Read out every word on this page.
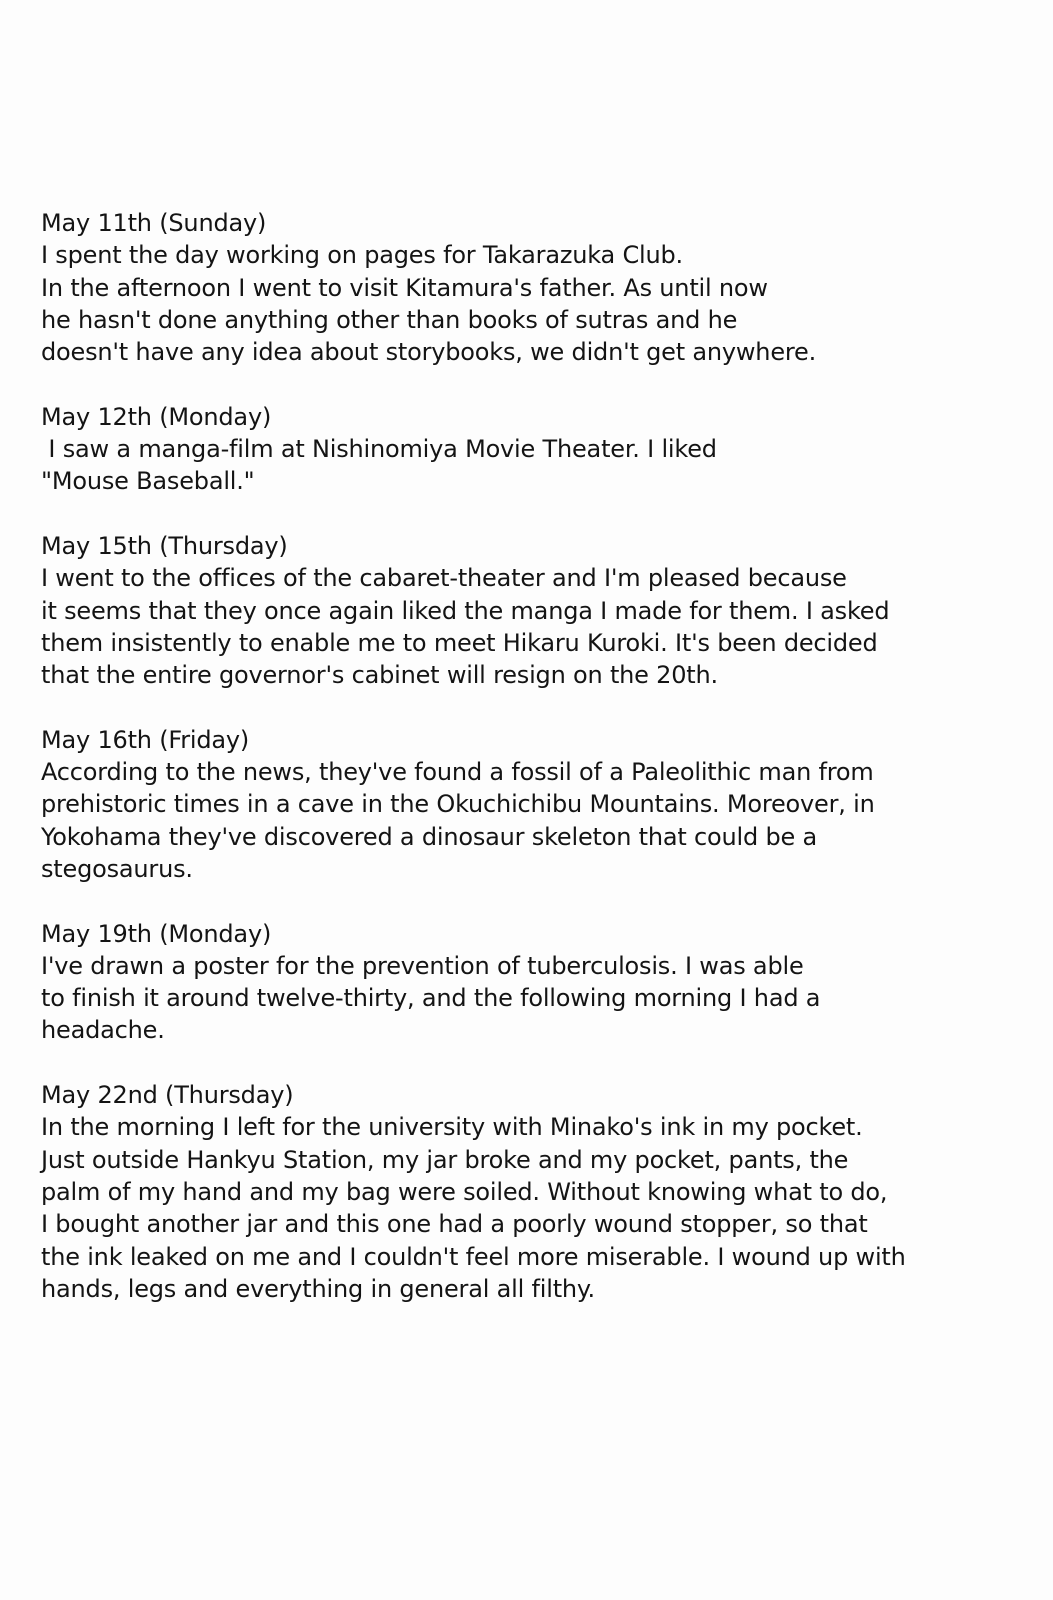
May 11th (Sunday)
I spent the day working on pages for Takarazuka Club.
In the afternoon I went to visit Kitamura's father. As until now
he hasn't done anything other than books of sutras and he
doesn't have any idea about storybooks, we didn't get anywhere.
May 12th (Monday)
I saw a manga-film at Nishinomiya Movie Theater. I liked
"Mouse Baseball."
May 15th (Thursday)
I went to the offices of the cabaret-theater and I'm pleased because
it seems that they once again liked the manga I made for them. I asked
them insistently to enable me to meet Hikaru Kuroki. It's been decided
that the entire governor's cabinet will resign on the 20th.
May 16th (Friday)
According to the news, they've found a fossil of a Paleolithic man from
prehistoric times in a cave in the Okuchichibu Mountains. Moreover, in
Yokohama they've discovered a dinosaur skeleton that could be a
stegosaurus.
May 19th (Monday)
I've drawn a poster for the prevention of tuberculosis. I was able
to finish it around twelve-thirty, and the following morning I had a
headache.
May 22nd (Thursday)
In the morning I left for the university with Minako's ink in my pocket.
Just outside Hankyu Station, my jar broke and my pocket, pants, the
palm of my hand and my bag were soiled. Without knowing what to do,
I bought another jar and this one had a poorly wound stopper, so that
the ink leaked on me and I couldn't feel more miserable. I wound up with
hands, legs and everything in general all filthy.
